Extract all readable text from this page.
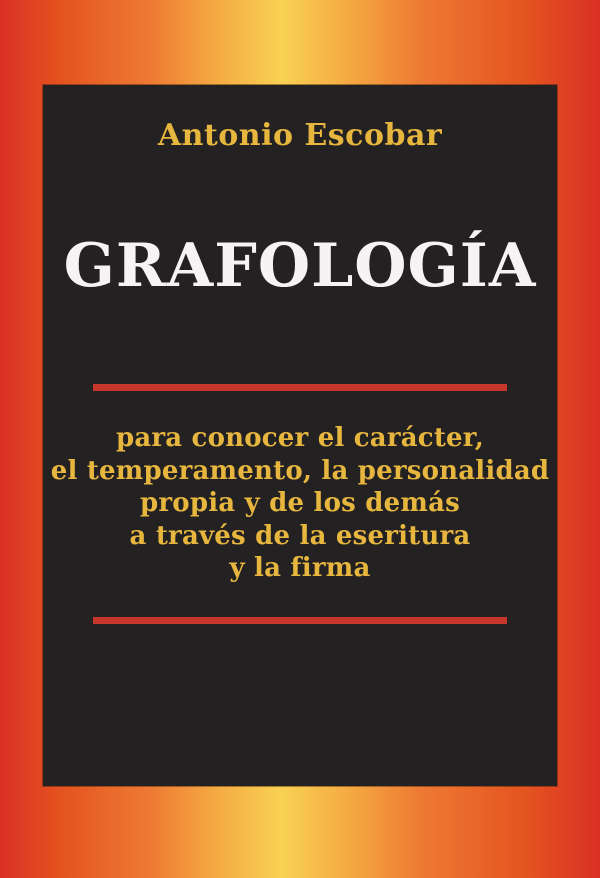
Antonio Escobar
GRAFOLOGÍA
para conocer el carácter,
el temperamento, la personalidad
propia y de los demás
a través de la eseritura
y la firma
